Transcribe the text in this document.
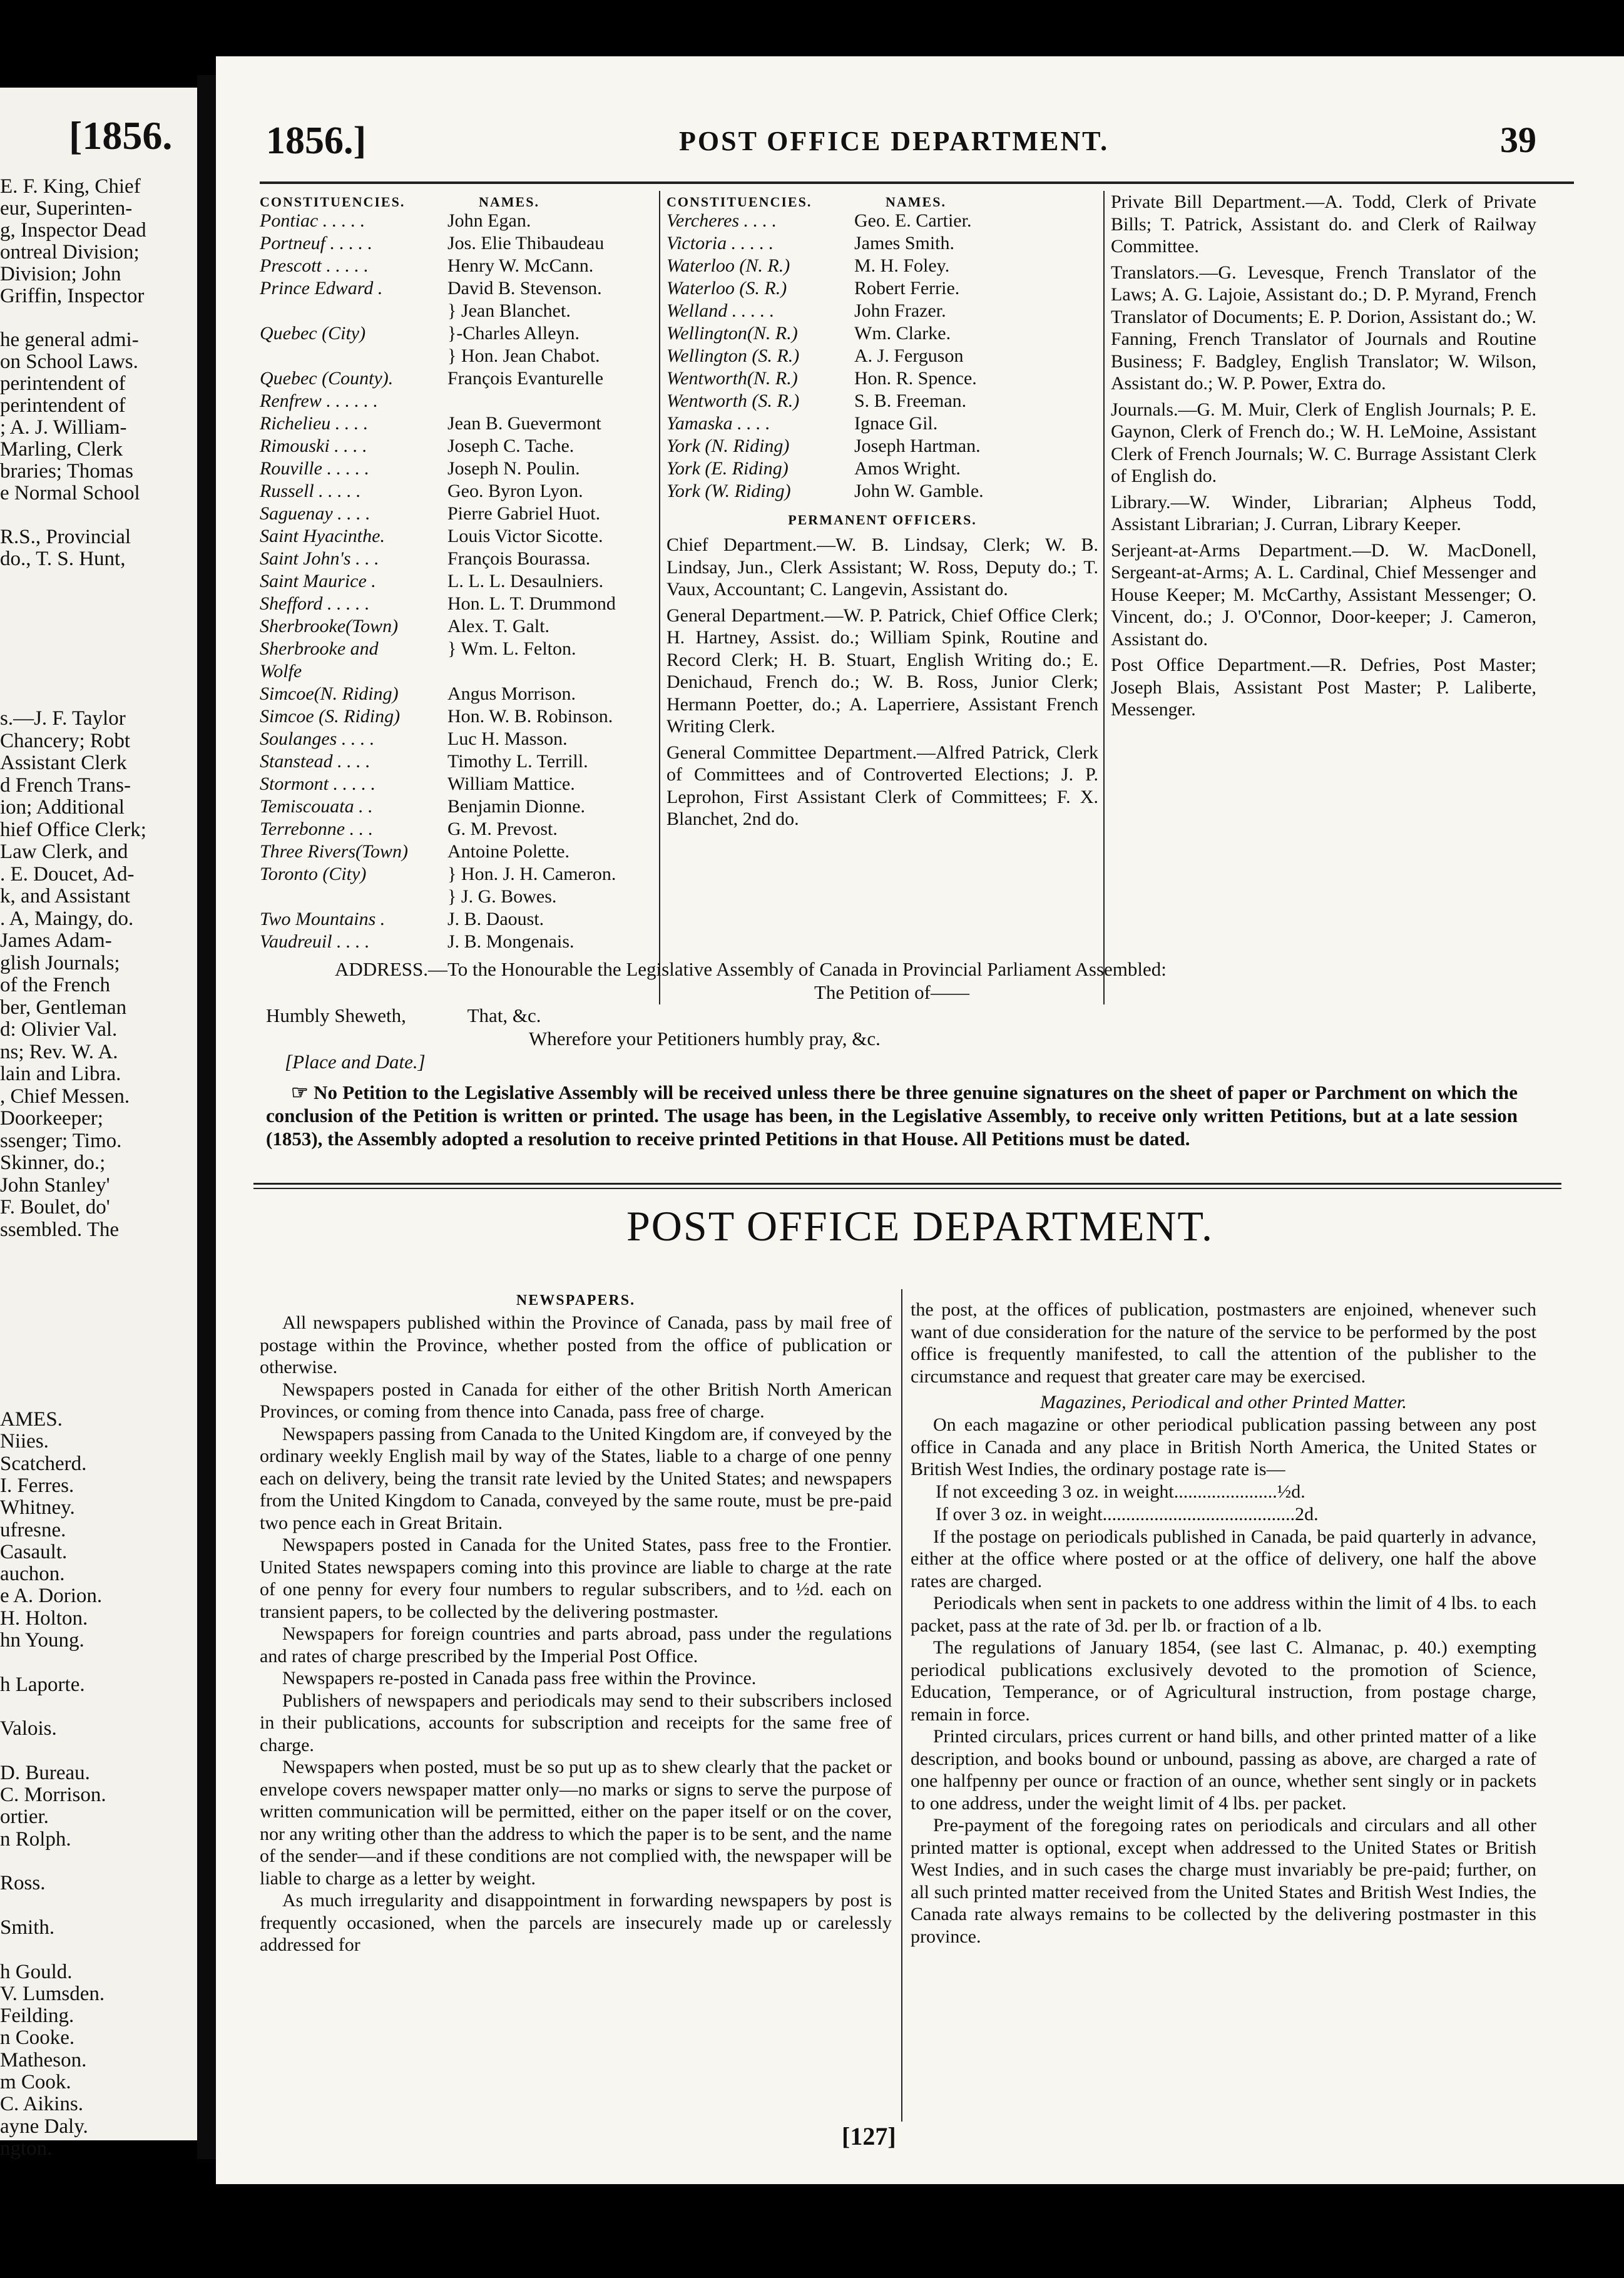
[1856.
E. F. King, Chief
eur, Superinten-
g, Inspector Dead
ontreal Division;
Division; John
Griffin, Inspector
he general admi-
on School Laws.
perintendent of
perintendent of
; A. J. William-
Marling, Clerk
braries; Thomas
e Normal School
R.S., Provincial
do., T. S. Hunt,
s.—J. F. Taylor
Chancery; Robt
Assistant Clerk
d French Trans-
ion; Additional
hief Office Clerk;
Law Clerk, and
. E. Doucet, Ad-
k, and Assistant
. A, Maingy, do.
James Adam-
glish Journals;
of the French
ber, Gentleman
d: Olivier Val.
ns; Rev. W. A.
lain and Libra.
, Chief Messen.
Doorkeeper;
ssenger; Timo.
Skinner, do.;
John Stanley'
F. Boulet, do'
ssembled. The
AMES.
Niies.
Scatcherd.
I. Ferres.
Whitney.
ufresne.
Casault.
auchon.
e A. Dorion.
H. Holton.
hn Young.
h Laporte.
Valois.
D. Bureau.
C. Morrison.
ortier.
n Rolph.
Ross.
Smith.
h Gould.
V. Lumsden.
Feilding.
n Cooke.
Matheson.
m Cook.
C. Aikins.
ayne Daly.
ngton.
1856.]	POST OFFICE DEPARTMENT.	39
CONSTITUENCIES.	NAMES.
Pontiac . . . . .	John Egan.
Portneuf . . . . .	Jos. Elie Thibaudeau
Prescott . . . . .	Henry W. McCann.
Prince Edward .	David B. Stevenson.
} Jean Blanchet.
Quebec (City)	}-Charles Alleyn.
} Hon. Jean Chabot.
Quebec (County).	François Evanturelle
Renfrew . . . . . .
Richelieu . . . .	Jean B. Guevermont
Rimouski . . . .	Joseph C. Tache.
Rouville . . . . .	Joseph N. Poulin.
Russell . . . . .	Geo. Byron Lyon.
Saguenay . . . .	Pierre Gabriel Huot.
Saint Hyacinthe.	Louis Victor Sicotte.
Saint John's . . .	François Bourassa.
Saint Maurice .	L. L. L. Desaulniers.
Shefford . . . . .	Hon. L. T. Drummond
Sherbrooke(Town)	Alex. T. Galt.
Sherbrooke and	} Wm. L. Felton.
Wolfe
Simcoe(N. Riding)	Angus Morrison.
Simcoe (S. Riding)	Hon. W. B. Robinson.
Soulanges . . . .	Luc H. Masson.
Stanstead . . . .	Timothy L. Terrill.
Stormont . . . . .	William Mattice.
Temiscouata . .	Benjamin Dionne.
Terrebonne . . .	G. M. Prevost.
Three Rivers(Town)	Antoine Polette.
Toronto (City)	} Hon. J. H. Cameron.
} J. G. Bowes.
Two Mountains .	J. B. Daoust.
Vaudreuil . . . .	J. B. Mongenais.
CONSTITUENCIES.	NAMES.
Vercheres . . . .	Geo. E. Cartier.
Victoria . . . . .	James Smith.
Waterloo (N. R.)	M. H. Foley.
Waterloo (S. R.)	Robert Ferrie.
Welland . . . . .	John Frazer.
Wellington(N. R.)	Wm. Clarke.
Wellington (S. R.)	A. J. Ferguson
Wentworth(N. R.)	Hon. R. Spence.
Wentworth (S. R.)	S. B. Freeman.
Yamaska . . . .	Ignace Gil.
York (N. Riding)	Joseph Hartman.
York (E. Riding)	Amos Wright.
York (W. Riding)	John W. Gamble.
PERMANENT OFFICERS.
Chief Department.—W. B. Lindsay, Clerk; W. B. Lindsay, Jun., Clerk Assistant; W. Ross, Deputy do.; T. Vaux, Accountant; C. Langevin, Assistant do.
General Department.—W. P. Patrick, Chief Office Clerk; H. Hartney, Assist. do.; William Spink, Routine and Record Clerk; H. B. Stuart, English Writing do.; E. Denichaud, French do.; W. B. Ross, Junior Clerk; Hermann Poetter, do.; A. Laperriere, Assistant French Writing Clerk.
General Committee Department.—Alfred Patrick, Clerk of Committees and of Controverted Elections; J. P. Leprohon, First Assistant Clerk of Committees; F. X. Blanchet, 2nd do.
Private Bill Department.—A. Todd, Clerk of Private Bills; T. Patrick, Assistant do. and Clerk of Railway Committee.
Translators.—G. Levesque, French Translator of the Laws; A. G. Lajoie, Assistant do.; D. P. Myrand, French Translator of Documents; E. P. Dorion, Assistant do.; W. Fanning, French Translator of Journals and Routine Business; F. Badgley, English Translator; W. Wilson, Assistant do.; W. P. Power, Extra do.
Journals.—G. M. Muir, Clerk of English Journals; P. E. Gaynon, Clerk of French do.; W. H. LeMoine, Assistant Clerk of French Journals; W. C. Burrage Assistant Clerk of English do.
Library.—W. Winder, Librarian; Alpheus Todd, Assistant Librarian; J. Curran, Library Keeper.
Serjeant-at-Arms Department.—D. W. MacDonell, Sergeant-at-Arms; A. L. Cardinal, Chief Messenger and House Keeper; M. McCarthy, Assistant Messenger; O. Vincent, do.; J. O'Connor, Door-keeper; J. Cameron, Assistant do.
Post Office Department.—R. Defries, Post Master; Joseph Blais, Assistant Post Master; P. Laliberte, Messenger.
ADDRESS.—To the Honourable the Legislative Assembly of Canada in Provincial Parliament Assembled:
The Petition of——
Humbly Sheweth,	That, &c.
Wherefore your Petitioners humbly pray, &c.
[Place and Date.]
☞ No Petition to the Legislative Assembly will be received unless there be three genuine signatures on the sheet of paper or Parchment on which the conclusion of the Petition is written or printed. The usage has been, in the Legislative Assembly, to receive only written Petitions, but at a late session (1853), the Assembly adopted a resolution to receive printed Petitions in that House. All Petitions must be dated.
POST OFFICE DEPARTMENT.
NEWSPAPERS.
All newspapers published within the Province of Canada, pass by mail free of postage within the Province, whether posted from the office of publication or otherwise.
Newspapers posted in Canada for either of the other British North American Provinces, or coming from thence into Canada, pass free of charge.
Newspapers passing from Canada to the United Kingdom are, if conveyed by the ordinary weekly English mail by way of the States, liable to a charge of one penny each on delivery, being the transit rate levied by the United States; and newspapers from the United Kingdom to Canada, conveyed by the same route, must be pre-paid two pence each in Great Britain.
Newspapers posted in Canada for the United States, pass free to the Frontier. United States newspapers coming into this province are liable to charge at the rate of one penny for every four numbers to regular subscribers, and to ½d. each on transient papers, to be collected by the delivering postmaster.
Newspapers for foreign countries and parts abroad, pass under the regulations and rates of charge prescribed by the Imperial Post Office.
Newspapers re-posted in Canada pass free within the Province.
Publishers of newspapers and periodicals may send to their subscribers inclosed in their publications, accounts for subscription and receipts for the same free of charge.
Newspapers when posted, must be so put up as to shew clearly that the packet or envelope covers newspaper matter only—no marks or signs to serve the purpose of written communication will be permitted, either on the paper itself or on the cover, nor any writing other than the address to which the paper is to be sent, and the name of the sender—and if these conditions are not complied with, the newspaper will be liable to charge as a letter by weight.
As much irregularity and disappointment in forwarding newspapers by post is frequently occasioned, when the parcels are insecurely made up or carelessly addressed for
the post, at the offices of publication, postmasters are enjoined, whenever such want of due consideration for the nature of the service to be performed by the post office is frequently manifested, to call the attention of the publisher to the circumstance and request that greater care may be exercised.
Magazines, Periodical and other Printed Matter.
On each magazine or other periodical publication passing between any post office in Canada and any place in British North America, the United States or British West Indies, the ordinary postage rate is—
If not exceeding 3 oz. in weight......................½d.
If over 3 oz. in weight.........................................2d.
If the postage on periodicals published in Canada, be paid quarterly in advance, either at the office where posted or at the office of delivery, one half the above rates are charged.
Periodicals when sent in packets to one address within the limit of 4 lbs. to each packet, pass at the rate of 3d. per lb. or fraction of a lb.
The regulations of January 1854, (see last C. Almanac, p. 40.) exempting periodical publications exclusively devoted to the promotion of Science, Education, Temperance, or of Agricultural instruction, from postage charge, remain in force.
Printed circulars, prices current or hand bills, and other printed matter of a like description, and books bound or unbound, passing as above, are charged a rate of one halfpenny per ounce or fraction of an ounce, whether sent singly or in packets to one address, under the weight limit of 4 lbs. per packet.
Pre-payment of the foregoing rates on periodicals and circulars and all other printed matter is optional, except when addressed to the United States or British West Indies, and in such cases the charge must invariably be pre-paid; further, on all such printed matter received from the United States and British West Indies, the Canada rate always remains to be collected by the delivering postmaster in this province.
[127]
